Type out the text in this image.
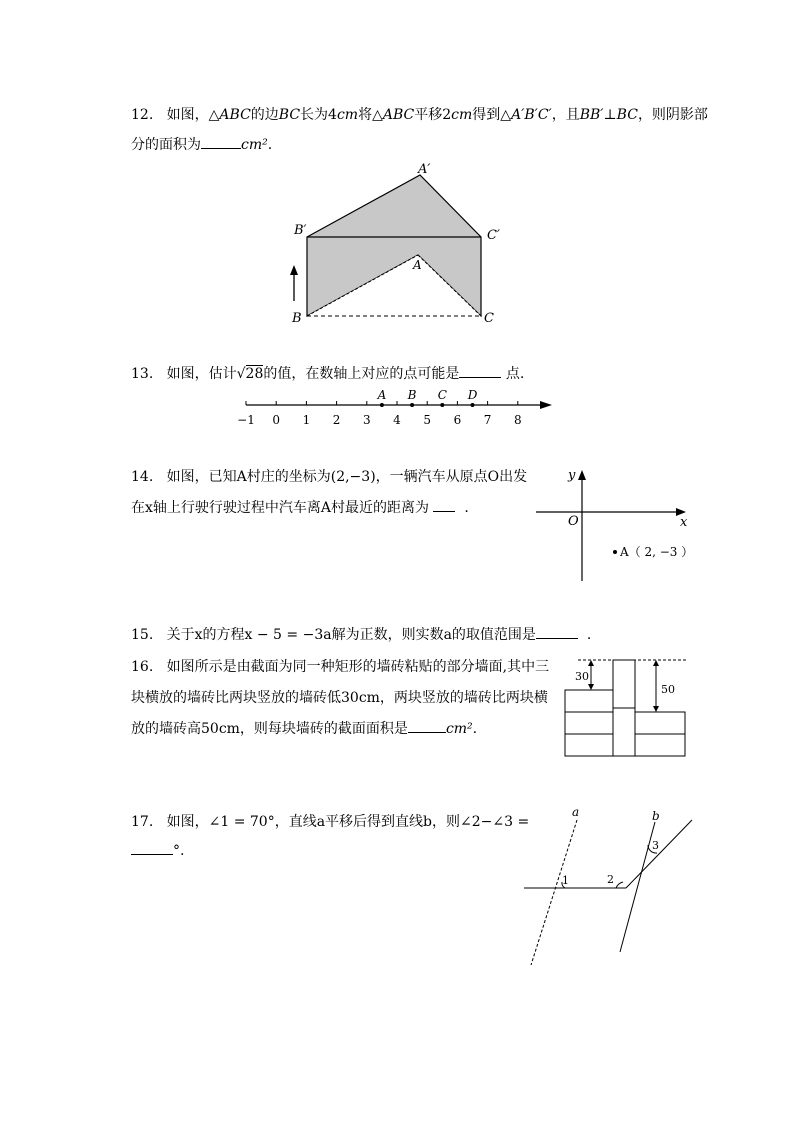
12. 如图，△ABC的边BC长为4cm将△ABC平移2cm得到△A′B′C′，且BB′⊥BC，则阴影部
分的面积为	cm².
A′
B′	C′
A
B	C
13. 如图，估计√28的值，在数轴上对应的点可能是	点.
−1 0 1 2 3 4 5 6 7 8
A B C D
14. 如图，已知A村庄的坐标为(2,−3)，一辆汽车从原点O出发
在x轴上行驶行驶过程中汽车离A村最近的距离为	.
y
x
O
A（ 2, −3 ）
15. 关于x的方程x − 5 = −3a解为正数，则实数a的取值范围是	.
16. 如图所示是由截面为同一种矩形的墙砖粘贴的部分墙面,其中三
块横放的墙砖比两块竖放的墙砖低30cm，两块竖放的墙砖比两块横
放的墙砖高50cm，则每块墙砖的截面面积是	cm².
30
50
17. 如图，∠1 = 70°，直线a平移后得到直线b，则∠2−∠3 =
°.
a	b
1	2
3
